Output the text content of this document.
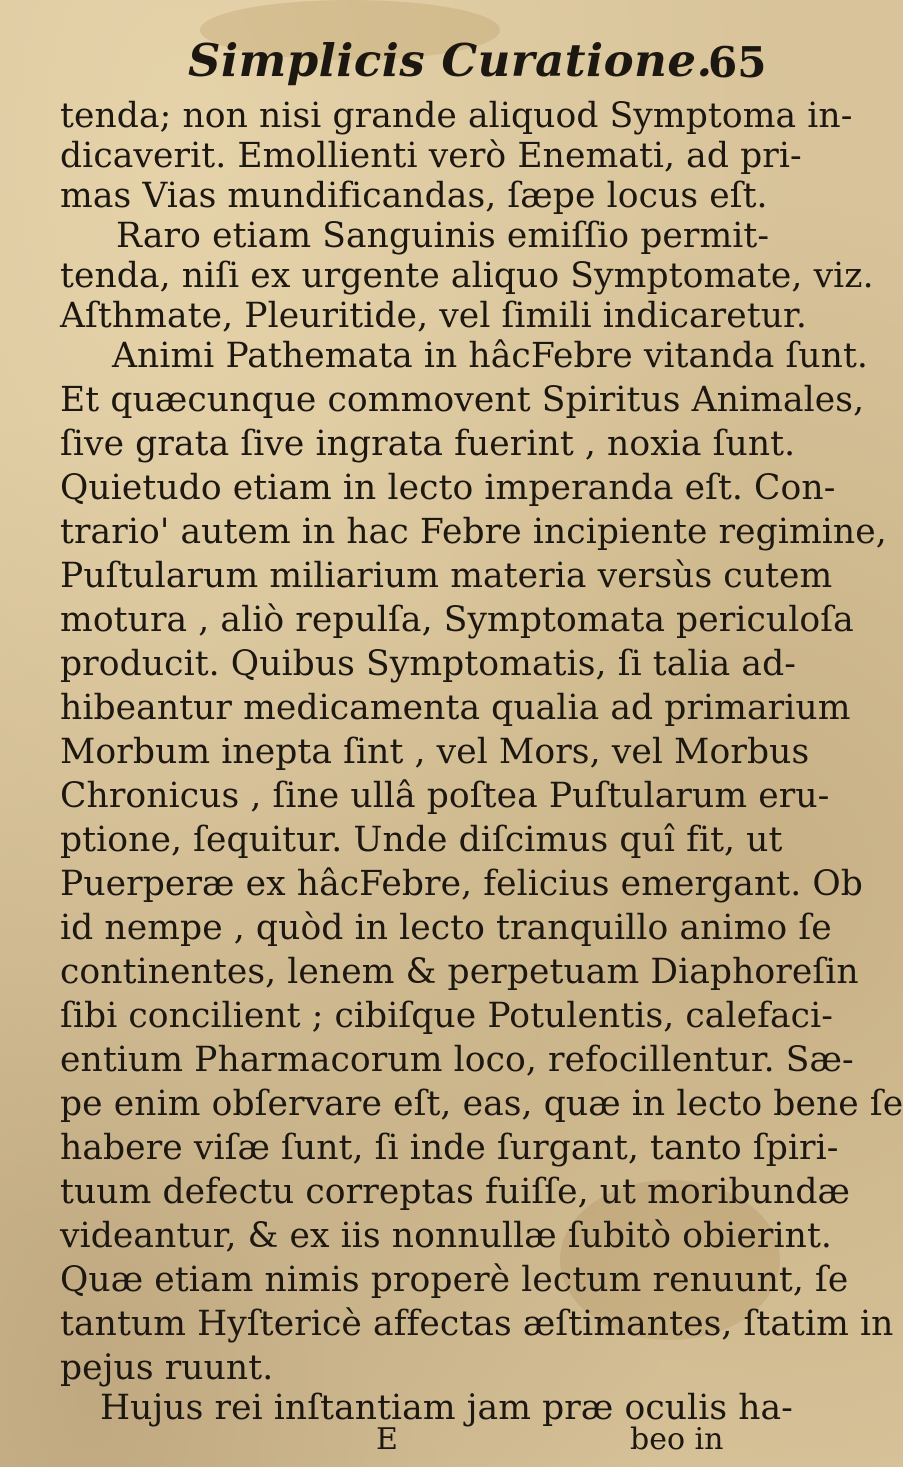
Simplicis Curatione.
65
tenda; non nisi grande aliquod Symptoma in-
dicaverit. Emollienti verò Enemati, ad pri-
mas Vias mundificandas, ſæpe locus eſt.
Raro etiam Sanguinis emiſſio permit-
tenda, niſi ex urgente aliquo Symptomate, viz.
Aſthmate, Pleuritide, vel ſimili indicaretur.
Animi Pathemata in hâcFebre vitanda ſunt.
Et quæcunque commovent Spiritus Animales,
ſive grata ſive ingrata fuerint , noxia ſunt.
Quietudo etiam in lecto imperanda eſt. Con-
trario' autem in hac Febre incipiente regimine,
Puſtularum miliarium materia versùs cutem
motura , aliò repulſa, Symptomata periculoſa
producit. Quibus Symptomatis, ſi talia ad-
hibeantur medicamenta qualia ad primarium
Morbum inepta ſint , vel Mors, vel Morbus
Chronicus , ſine ullâ poſtea Puſtularum eru-
ptione, ſequitur. Unde diſcimus quî fit, ut
Puerperæ ex hâcFebre, felicius emergant. Ob
id nempe , quòd in lecto tranquillo animo ſe
continentes, lenem & perpetuam Diaphoreſin
ſibi concilient ; cibiſque Potulentis, calefaci-
entium Pharmacorum loco, refocillentur. Sæ-
pe enim obſervare eſt, eas, quæ in lecto bene ſe
habere viſæ ſunt, ſi inde ſurgant, tanto ſpiri-
tuum defectu correptas fuiſſe, ut moribundæ
videantur, & ex iis nonnullæ ſubitò obierint.
Quæ etiam nimis properè lectum renuunt, ſe
tantum Hyſtericè affectas æſtimantes, ſtatim in
pejus ruunt.
Hujus rei inſtantiam jam præ oculis ha-
E	beo in
